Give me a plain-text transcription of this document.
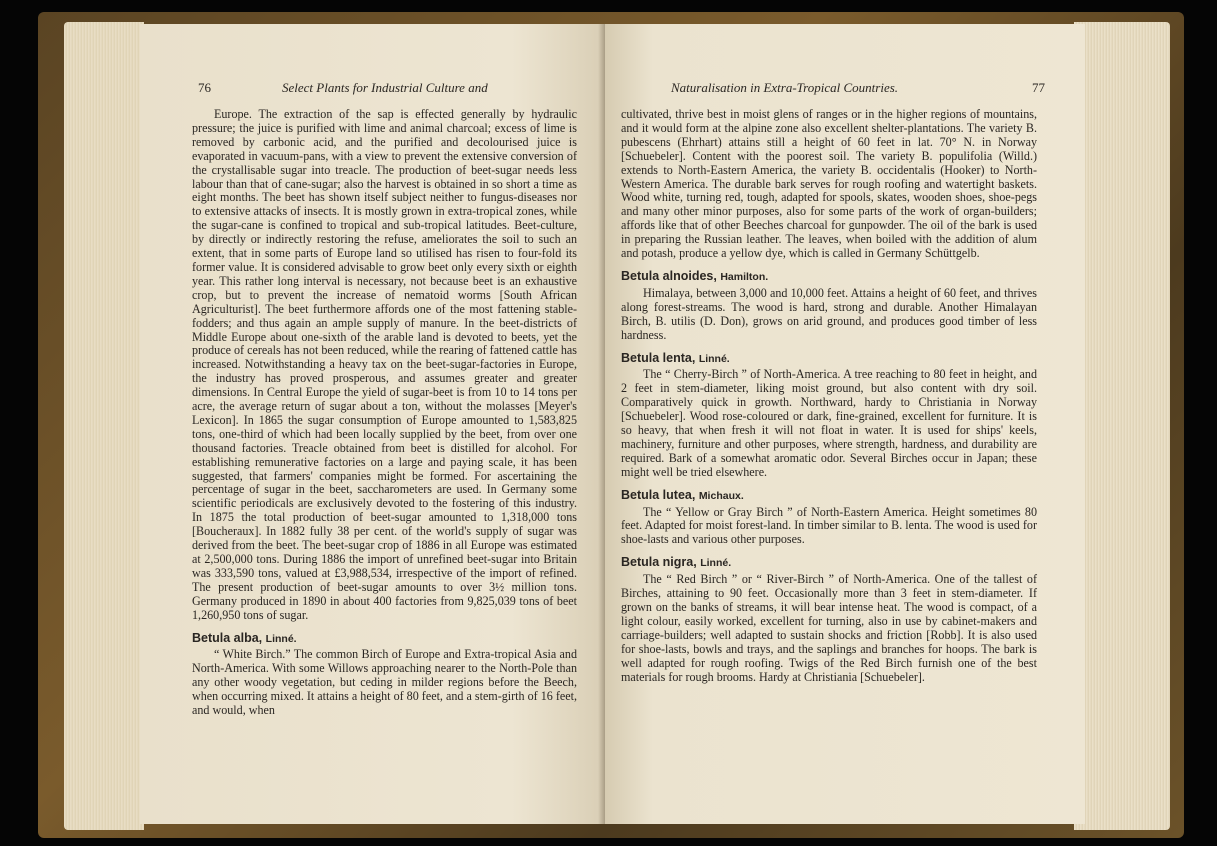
76	Select Plants for Industrial Culture and

Europe. The extraction of the sap is effected generally by hydraulic pressure; the juice is purified with lime and animal charcoal; excess of lime is removed by carbonic acid, and the purified and decolourised juice is evaporated in vacuum-pans, with a view to prevent the extensive conversion of the crystallisable sugar into treacle. The production of beet-sugar needs less labour than that of cane-sugar; also the harvest is obtained in so short a time as eight months. The beet has shown itself subject neither to fungus-diseases nor to extensive attacks of insects. It is mostly grown in extra-tropical zones, while the sugar-cane is confined to tropical and sub-tropical latitudes. Beet-culture, by directly or indirectly restoring the refuse, ameliorates the soil to such an extent, that in some parts of Europe land so utilised has risen to four-fold its former value. It is considered advisable to grow beet only every sixth or eighth year. This rather long interval is necessary, not because beet is an exhaustive crop, but to prevent the increase of nematoid worms [South African Agriculturist]. The beet furthermore affords one of the most fattening stable-fodders; and thus again an ample supply of manure. In the beet-districts of Middle Europe about one-sixth of the arable land is devoted to beets, yet the produce of cereals has not been reduced, while the rearing of fattened cattle has increased. Notwithstanding a heavy tax on the beet-sugar-factories in Europe, the industry has proved prosperous, and assumes greater and greater dimensions. In Central Europe the yield of sugar-beet is from 10 to 14 tons per acre, the average return of sugar about a ton, without the molasses [Meyer's Lexicon]. In 1865 the sugar consumption of Europe amounted to 1,583,825 tons, one-third of which had been locally supplied by the beet, from over one thousand factories. Treacle obtained from beet is distilled for alcohol. For establishing remunerative factories on a large and paying scale, it has been suggested, that farmers' companies might be formed. For ascertaining the percentage of sugar in the beet, saccharometers are used. In Germany some scientific periodicals are exclusively devoted to the fostering of this industry. In 1875 the total production of beet-sugar amounted to 1,318,000 tons [Boucheraux]. In 1882 fully 38 per cent. of the world's supply of sugar was derived from the beet. The beet-sugar crop of 1886 in all Europe was estimated at 2,500,000 tons. During 1886 the import of unrefined beet-sugar into Britain was 333,590 tons, valued at £3,988,534, irrespective of the import of refined. The present production of beet-sugar amounts to over 3½ million tons. Germany produced in 1890 in about 400 factories from 9,825,039 tons of beet 1,260,950 tons of sugar.

Betula alba, Linné.

“ White Birch.” The common Birch of Europe and Extra-tropical Asia and North-America. With some Willows approaching nearer to the North-Pole than any other woody vegetation, but ceding in milder regions before the Beech, when occurring mixed. It attains a height of 80 feet, and a stem-girth of 16 feet, and would, when

Naturalisation in Extra-Tropical Countries.	77

cultivated, thrive best in moist glens of ranges or in the higher regions of mountains, and it would form at the alpine zone also excellent shelter-plantations. The variety B. pubescens (Ehrhart) attains still a height of 60 feet in lat. 70° N. in Norway [Schuebeler]. Content with the poorest soil. The variety B. populifolia (Willd.) extends to North-Eastern America, the variety B. occidentalis (Hooker) to North-Western America. The durable bark serves for rough roofing and watertight baskets. Wood white, turning red, tough, adapted for spools, skates, wooden shoes, shoe-pegs and many other minor purposes, also for some parts of the work of organ-builders; affords like that of other Beeches charcoal for gunpowder. The oil of the bark is used in preparing the Russian leather. The leaves, when boiled with the addition of alum and potash, produce a yellow dye, which is called in Germany Schüttgelb.

Betula alnoides, Hamilton.

Himalaya, between 3,000 and 10,000 feet. Attains a height of 60 feet, and thrives along forest-streams. The wood is hard, strong and durable. Another Himalayan Birch, B. utilis (D. Don), grows on arid ground, and produces good timber of less hardness.

Betula lenta, Linné.

The “ Cherry-Birch ” of North-America. A tree reaching to 80 feet in height, and 2 feet in stem-diameter, liking moist ground, but also content with dry soil. Comparatively quick in growth. Northward, hardy to Christiania in Norway [Schuebeler]. Wood rose-coloured or dark, fine-grained, excellent for furniture. It is so heavy, that when fresh it will not float in water. It is used for ships' keels, machinery, furniture and other purposes, where strength, hardness, and durability are required. Bark of a somewhat aromatic odor. Several Birches occur in Japan; these might well be tried elsewhere.

Betula lutea, Michaux.

The “ Yellow or Gray Birch ” of North-Eastern America. Height sometimes 80 feet. Adapted for moist forest-land. In timber similar to B. lenta. The wood is used for shoe-lasts and various other purposes.

Betula nigra, Linné.

The “ Red Birch ” or “ River-Birch ” of North-America. One of the tallest of Birches, attaining to 90 feet. Occasionally more than 3 feet in stem-diameter. If grown on the banks of streams, it will bear intense heat. The wood is compact, of a light colour, easily worked, excellent for turning, also in use by cabinet-makers and carriage-builders; well adapted to sustain shocks and friction [Robb]. It is also used for shoe-lasts, bowls and trays, and the saplings and branches for hoops. The bark is well adapted for rough roofing. Twigs of the Red Birch furnish one of the best materials for rough brooms. Hardy at Christiania [Schuebeler].
